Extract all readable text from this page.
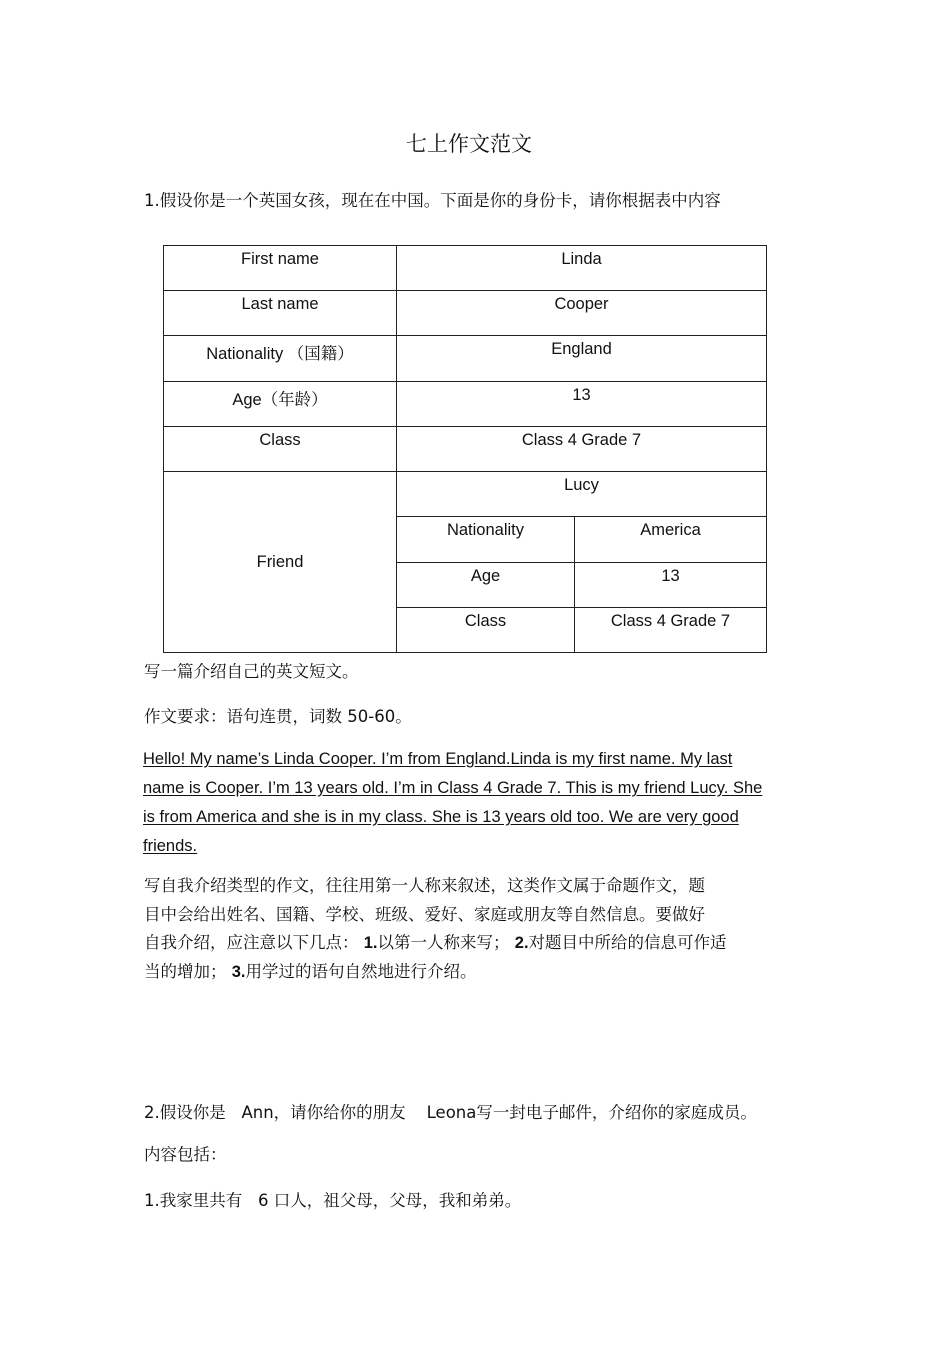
七上作文范文
1.假设你是一个英国女孩，现在在中国。下面是你的身份卡，请你根据表中内容
First name	Linda	
Last name	Cooper	
Nationality （国籍）	England	
Age（年龄）	13	
Class	Class 4 Grade 7	
Friend	Lucy	
	Nationality	America
	Age	13
	Class	Class 4 Grade 7
写一篇介绍自己的英文短文。
作文要求：语句连贯，词数 50-60。
Hello! My name’s Linda Cooper. I’m from England.Linda is my first name. My last
name is Cooper. I’m 13 years old. I’m in Class 4 Grade 7. This is my friend Lucy. She
is from America and she is in my class. She is 13 years old too. We are very good
friends.
写自我介绍类型的作文，往往用第一人称来叙述，这类作文属于命题作文，题
目中会给出姓名、国籍、学校、班级、爱好、家庭或朋友等自然信息。要做好
自我介绍，应注意以下几点： 1.以第一人称来写； 2.对题目中所给的信息可作适
当的增加； 3.用学过的语句自然地进行介绍。
2.假设你是   Ann，请你给你的朋友    Leona写一封电子邮件，介绍你的家庭成员。
内容包括：
1.我家里共有   6 口人，祖父母，父母，我和弟弟。
